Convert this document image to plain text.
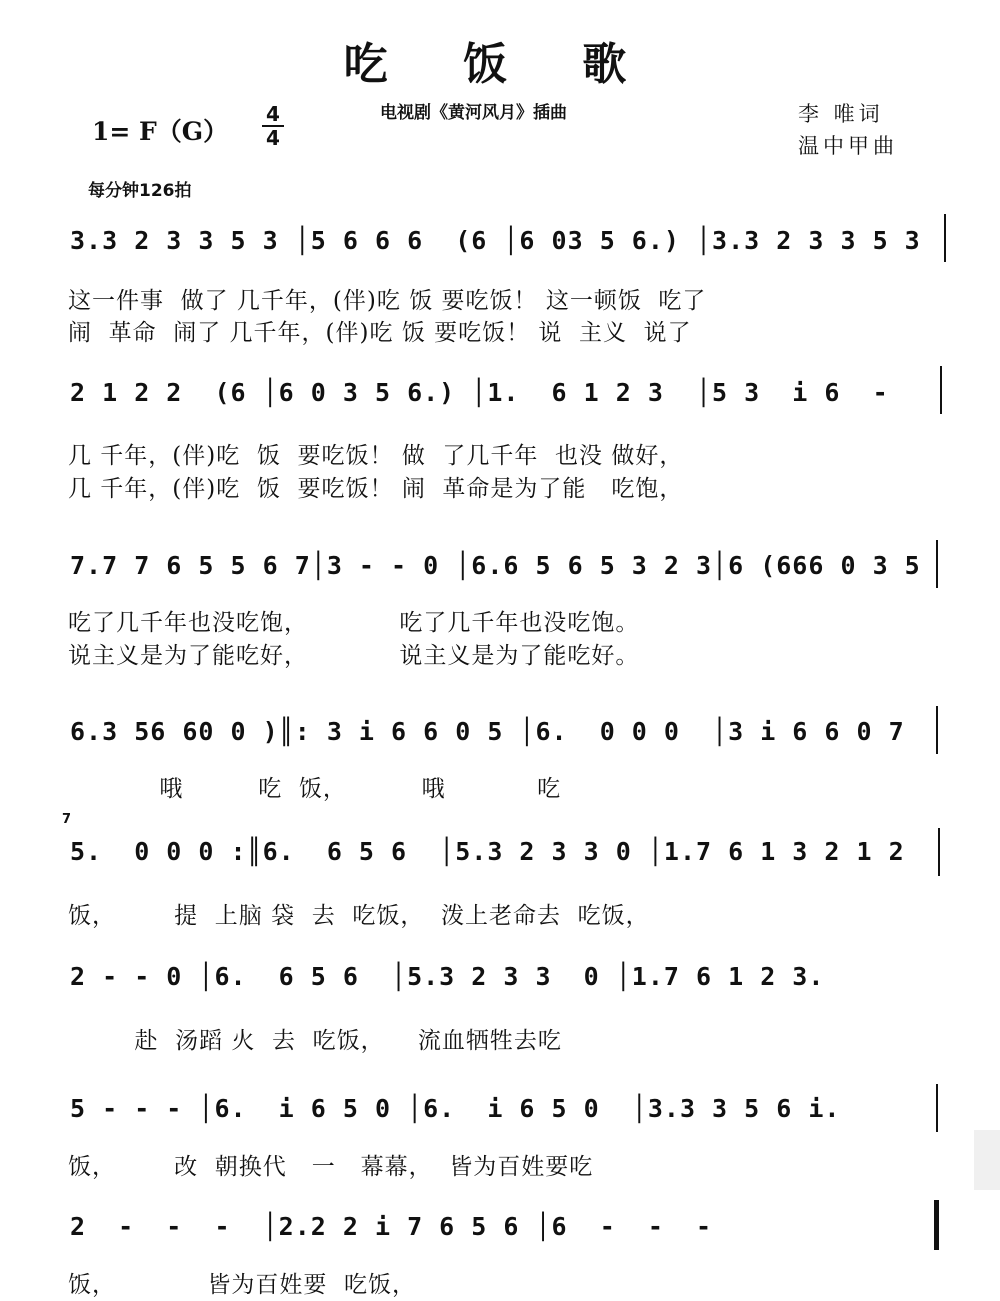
吃 饭 歌
1= F（G）
4
4
电视剧《黄河风月》插曲	李 唯词
温中甲曲
每分钟126拍
3.3 2 3 3 5 3 │5 6 6 6  (6 │6 03 5 6.) │3.3 2 3 3 5 3
这一件事  做了 几千年，(伴)吃 饭 要吃饭！ 这一顿饭  吃了
闹  革命  闹了 几千年，(伴)吃 饭 要吃饭！ 说  主义  说了
2 1 2 2  (6 │6 0 3 5 6.) │1.  6 1 2 3  │5 3  i 6  -
几 千年，(伴)吃  饭  要吃饭！ 做  了几千年  也没 做好，
几 千年，(伴)吃  饭  要吃饭！ 闹  革命是为了能   吃饱，
7.7 7 6 5 5 6 7│3 - - 0 │6.6 5 6 5 3 2 3│6 (666 0 3 5
吃了几千年也没吃饱，           吃了几千年也没吃饱。
说主义是为了能吃好，           说主义是为了能吃好。
6.3 56 60 0 )║: 3 i 6 6 0 5 │6.  0 0 0  │3 i 6 6 0 7
哦         吃  饭，         哦           吃
7
5.  0 0 0 :║6.  6 5 6  │5.3 2 3 3 0 │1.7 6 1 3 2 1 2
饭，       提  上脑 袋  去  吃饭，  泼上老命去  吃饭，
2 - - 0 │6.  6 5 6  │5.3 2 3 3  0 │1.7 6 1 2 3.
赴  汤蹈 火  去  吃饭，    流血牺牲去吃
5 - - - │6.  i 6 5 0 │6.  i 6 5 0  │3.3 3 5 6 i.
饭，       改  朝换代   一   幕幕，  皆为百姓要吃
2  -  -  -  │2.2 2 i 7 6 5 6 │6  -  -  -
饭，           皆为百姓要  吃饭，
